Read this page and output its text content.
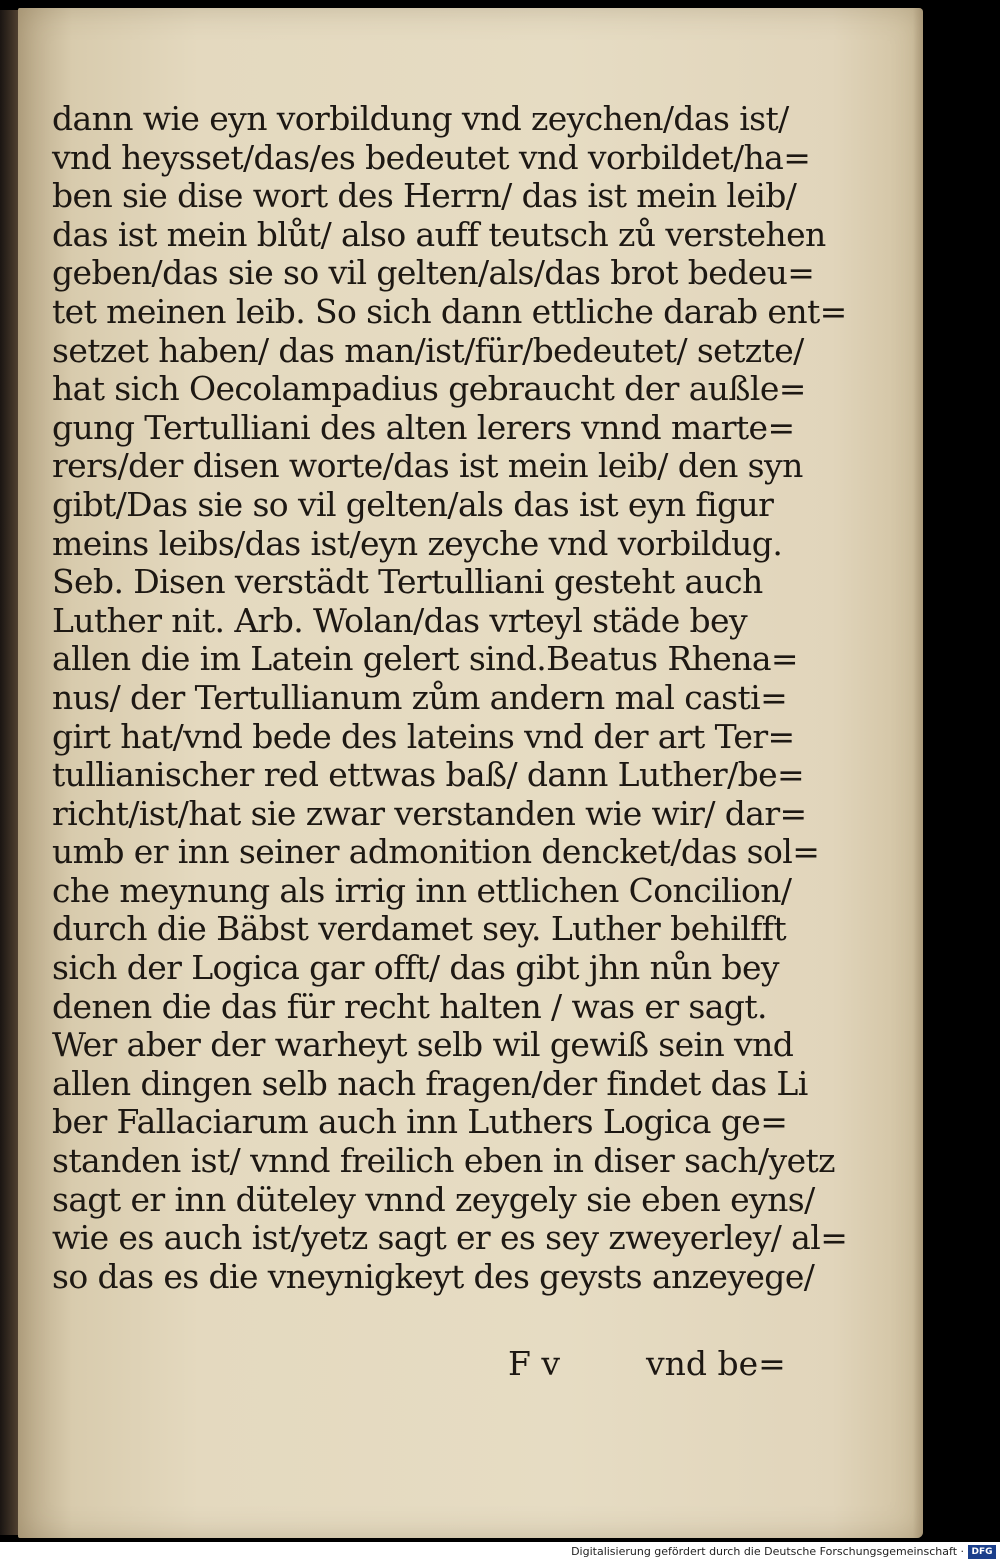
dann wie eyn vorbildung vnd zeychen/das ist/
vnd heysset/das/es bedeutet vnd vorbildet/ha=
ben sie dise wort des Herrn/ das ist mein leib/
das ist mein blůt/ also auff teutsch zů verstehen
geben/das sie so vil gelten/als/das brot bedeu=
tet meinen leib. So sich dann ettliche darab ent=
setzet haben/ das man/ist/für/bedeutet/ setzte/
hat sich Oecolampadius gebraucht der außle=
gung Tertulliani des alten lerers vnnd marte=
rers/der disen worte/das ist mein leib/ den syn
gibt/Das sie so vil gelten/als das ist eyn figur
meins leibs/das ist/eyn zeyche vnd vorbildug.
Seb. Disen verstädt Tertulliani gesteht auch
Luther nit. Arb. Wolan/das vrteyl städe bey
allen die im Latein gelert sind.Beatus Rhena=
nus/ der Tertullianum zům andern mal casti=
girt hat/vnd bede des lateins vnd der art Ter=
tullianischer red ettwas baß/ dann Luther/be=
richt/ist/hat sie zwar verstanden wie wir/ dar=
umb er inn seiner admonition dencket/das sol=
che meynung als irrig inn ettlichen Concilion/
durch die Bäbst verdamet sey. Luther behilfft
sich der Logica gar offt/ das gibt jhn nůn bey
denen die das für recht halten / was er sagt.
Wer aber der warheyt selb wil gewiß sein vnd
allen dingen selb nach fragen/der findet das Li
ber Fallaciarum auch inn Luthers Logica ge=
standen ist/ vnnd freilich eben in diser sach/yetz
sagt er inn düteley vnnd zeygely sie eben eyns/
wie es auch ist/yetz sagt er es sey zweyerley/ al=
so das es die vneynigkeyt des geysts anzeyege/
F v	vnd be=
Digitalisierung gefördert durch die Deutsche Forschungsgemeinschaft · DFG
